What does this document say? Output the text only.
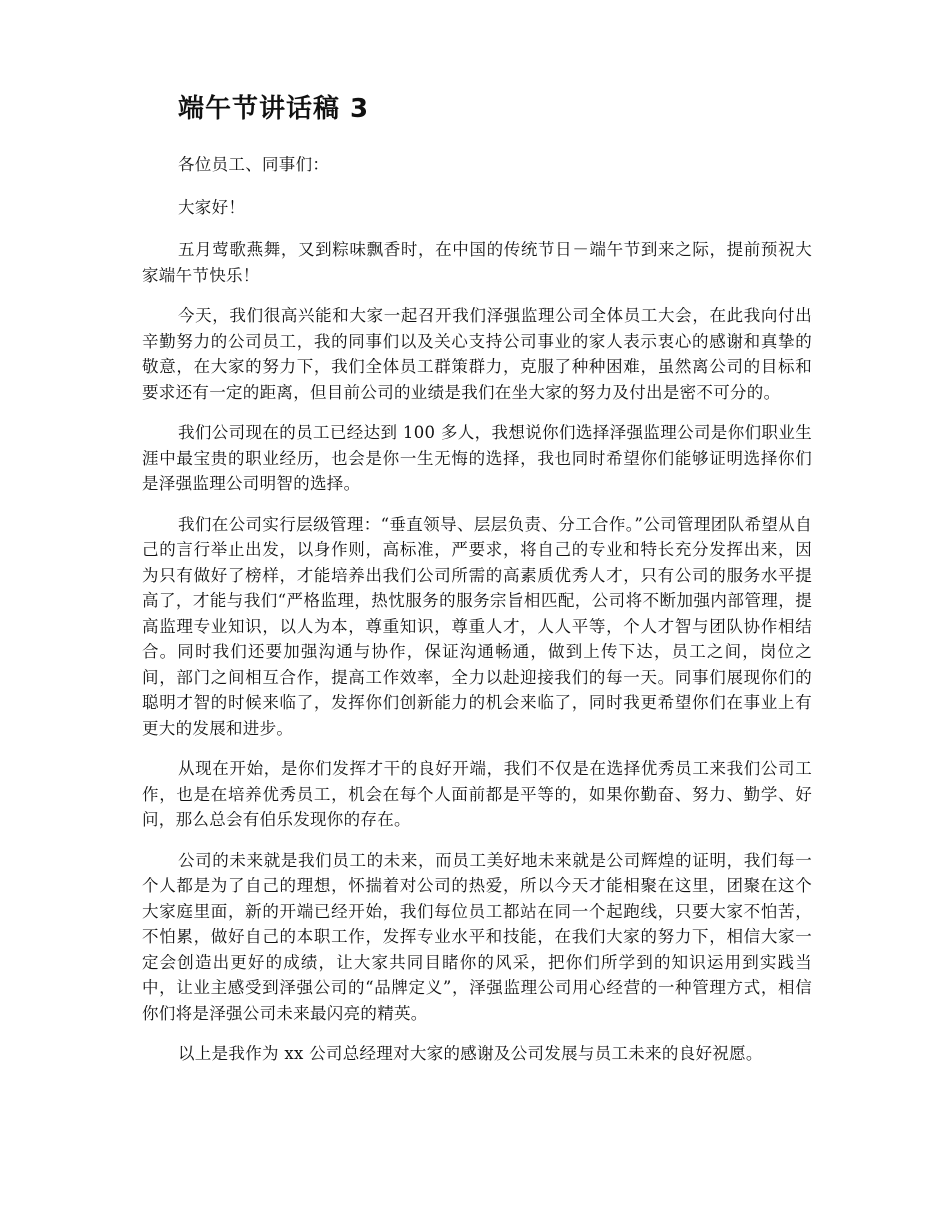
端午节讲话稿 3

各位员工、同事们：

大家好！

五月莺歌燕舞，又到粽味飘香时，在中国的传统节日－端午节到来之际，提前预祝大家端午节快乐！

今天，我们很高兴能和大家一起召开我们泽强监理公司全体员工大会，在此我向付出辛勤努力的公司员工，我的同事们以及关心支持公司事业的家人表示衷心的感谢和真挚的敬意，在大家的努力下，我们全体员工群策群力，克服了种种困难，虽然离公司的目标和要求还有一定的距离，但目前公司的业绩是我们在坐大家的努力及付出是密不可分的。

我们公司现在的员工已经达到 100 多人，我想说你们选择泽强监理公司是你们职业生涯中最宝贵的职业经历，也会是你一生无悔的选择，我也同时希望你们能够证明选择你们是泽强监理公司明智的选择。

我们在公司实行层级管理：“垂直领导、层层负责、分工合作。”公司管理团队希望从自己的言行举止出发，以身作则，高标准，严要求，将自己的专业和特长充分发挥出来，因为只有做好了榜样，才能培养出我们公司所需的高素质优秀人才，只有公司的服务水平提高了，才能与我们“严格监理，热忱服务的服务宗旨相匹配，公司将不断加强内部管理，提高监理专业知识，以人为本，尊重知识，尊重人才，人人平等，个人才智与团队协作相结合。同时我们还要加强沟通与协作，保证沟通畅通，做到上传下达，员工之间，岗位之间，部门之间相互合作，提高工作效率，全力以赴迎接我们的每一天。同事们展现你们的聪明才智的时候来临了，发挥你们创新能力的机会来临了，同时我更希望你们在事业上有更大的发展和进步。

从现在开始，是你们发挥才干的良好开端，我们不仅是在选择优秀员工来我们公司工作，也是在培养优秀员工，机会在每个人面前都是平等的，如果你勤奋、努力、勤学、好问，那么总会有伯乐发现你的存在。

公司的未来就是我们员工的未来，而员工美好地未来就是公司辉煌的证明，我们每一个人都是为了自己的理想，怀揣着对公司的热爱，所以今天才能相聚在这里，团聚在这个大家庭里面，新的开端已经开始，我们每位员工都站在同一个起跑线，只要大家不怕苦，不怕累，做好自己的本职工作，发挥专业水平和技能，在我们大家的努力下，相信大家一定会创造出更好的成绩，让大家共同目睹你的风采，把你们所学到的知识运用到实践当中，让业主感受到泽强公司的“品牌定义”，泽强监理公司用心经营的一种管理方式，相信你们将是泽强公司未来最闪亮的精英。

以上是我作为 xx 公司总经理对大家的感谢及公司发展与员工未来的良好祝愿。
